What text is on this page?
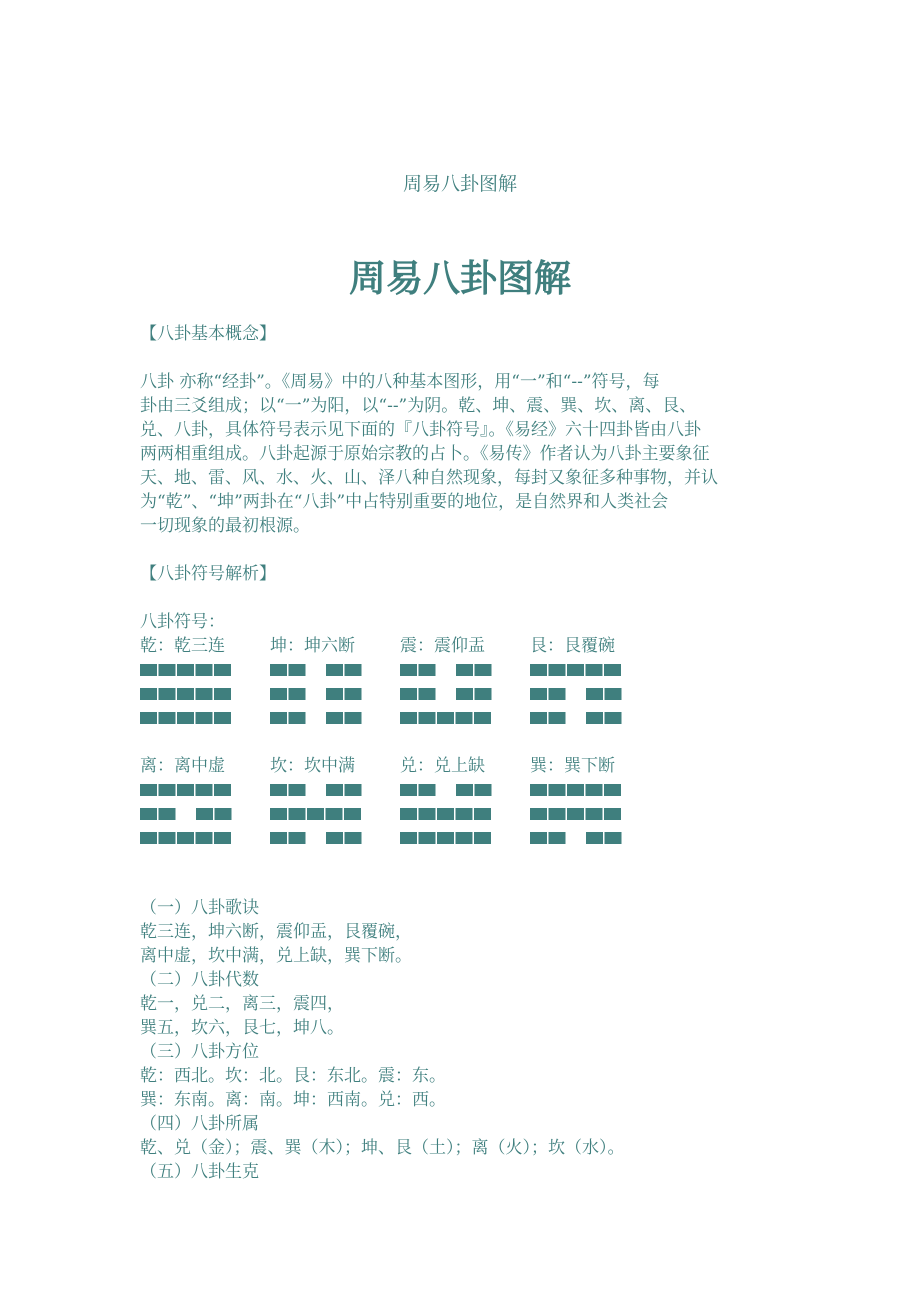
周易八卦图解
周易八卦图解

【八卦基本概念】

八卦 亦称“经卦”。《周易》中的八种基本图形，用“一”和“--”符号，每

卦由三爻组成；以“一”为阳，以“--”为阴。乾、坤、震、巽、坎、离、艮、

兑、八卦，具体符号表示见下面的『八卦符号』。《易经》六十四卦皆由八卦

两两相重组成。八卦起源于原始宗教的占卜。《易传》作者认为八卦主要象征

天、地、雷、风、水、火、山、泽八种自然现象，每封又象征多种事物，并认

为“乾”、“坤”两卦在“八卦”中占特别重要的地位，是自然界和人类社会

一切现象的最初根源。

【八卦符号解析】

八卦符号：

乾：乾三连	坤：坤六断	震：震仰盂	艮：艮覆碗
离：离中虚	坎：坎中满	兑：兑上缺	巽：巽下断

（一）八卦歌诀

乾三连，坤六断，震仰盂，艮覆碗，

离中虚，坎中满，兑上缺，巽下断。

（二）八卦代数

乾一，兑二，离三，震四，

巽五，坎六，艮七，坤八。

（三）八卦方位

乾：西北。坎：北。艮：东北。震：东。

巽：东南。离：南。坤：西南。兑：西。

（四）八卦所属

乾、兑（金）；震、巽（木）；坤、艮（土）；离（火）；坎（水）。

（五）八卦生克
